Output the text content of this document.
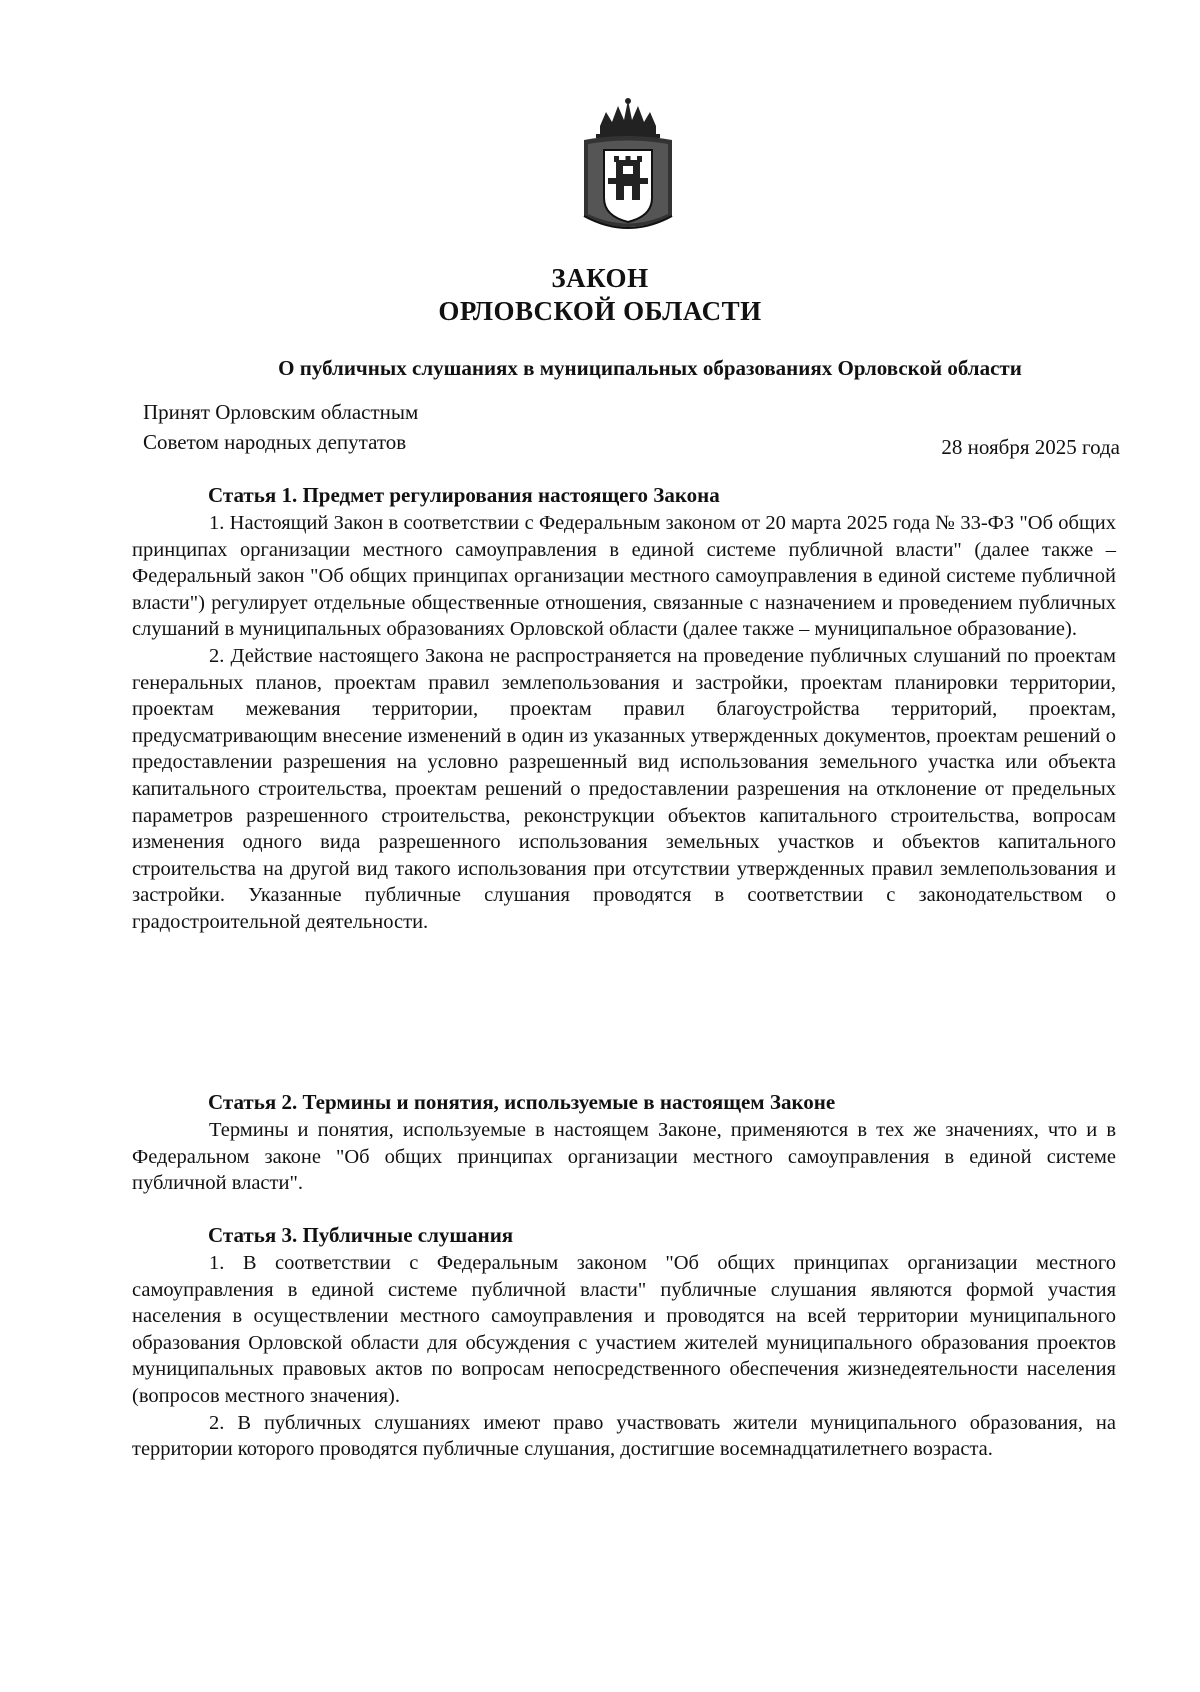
ЗАКОН
ОРЛОВСКОЙ ОБЛАСТИ
О публичных слушаниях в муниципальных образованиях Орловской области
Принят Орловским областным
Советом народных депутатов	28 ноября 2025 года
Статья 1. Предмет регулирования настоящего Закона

1. Настоящий Закон в соответствии с Федеральным законом от 20 марта 2025 года № 33-ФЗ "Об общих принципах организации местного самоуправления в единой системе публичной власти" (далее также – Федеральный закон "Об общих принципах организации местного самоуправления в единой системе публичной власти") регулирует отдельные общественные отношения, связанные с назначением и проведением публичных слушаний в муниципальных образованиях Орловской области (далее также – муниципальное образование).

2. Действие настоящего Закона не распространяется на проведение публичных слушаний по проектам генеральных планов, проектам правил землепользования и застройки, проектам планировки территории, проектам межевания территории, проектам правил благоустройства территорий, проектам, предусматривающим внесение изменений в один из указанных утвержденных документов, проектам решений о предоставлении разрешения на условно разрешенный вид использования земельного участка или объекта капитального строительства, проектам решений о предоставлении разрешения на отклонение от предельных параметров разрешенного строительства, реконструкции объектов капитального строительства, вопросам изменения одного вида разрешенного использования земельных участков и объектов капитального строительства на другой вид такого использования при отсутствии утвержденных правил землепользования и застройки. Указанные публичные слушания проводятся в соответствии с законодательством о градостроительной деятельности.

Статья 2. Термины и понятия, используемые в настоящем Законе

Термины и понятия, используемые в настоящем Законе, применяются в тех же значениях, что и в Федеральном законе "Об общих принципах организации местного самоуправления в единой системе публичной власти".

Статья 3. Публичные слушания

1. В соответствии с Федеральным законом "Об общих принципах организации местного самоуправления в единой системе публичной власти" публичные слушания являются формой участия населения в осуществлении местного самоуправления и проводятся на всей территории муниципального образования Орловской области для обсуждения с участием жителей муниципального образования проектов муниципальных правовых актов по вопросам непосредственного обеспечения жизнедеятельности населения (вопросов местного значения).

2. В публичных слушаниях имеют право участвовать жители муниципального образования, на территории которого проводятся публичные слушания, достигшие восемнадцатилетнего возраста.
